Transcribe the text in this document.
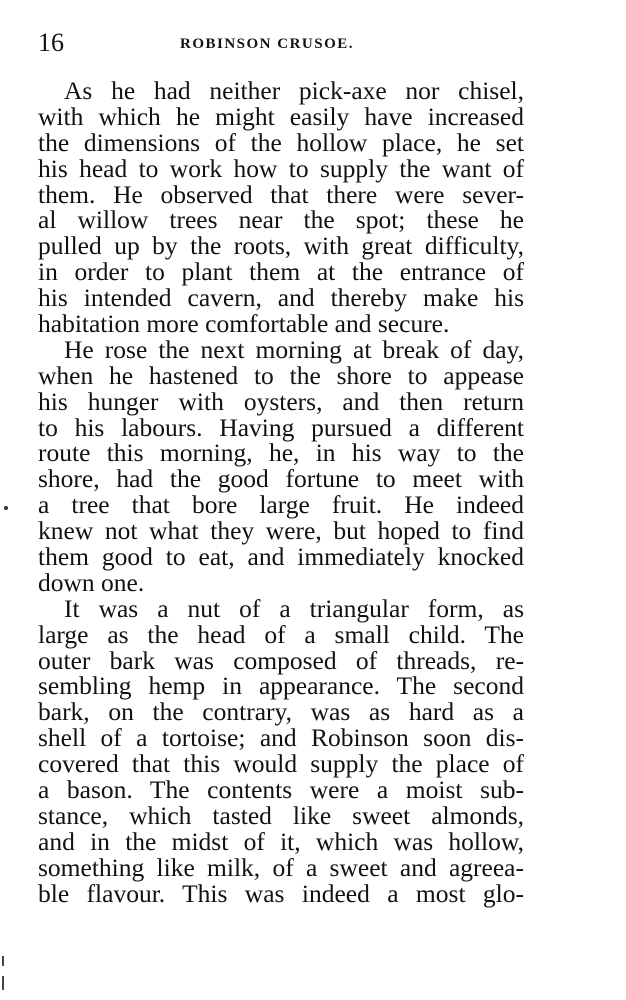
16	ROBINSON CRUSOE.
As he had neither pick-axe nor chisel,
with which he might easily have increased
the dimensions of the hollow place, he set
his head to work how to supply the want of
them. He observed that there were sever-
al willow trees near the spot; these he
pulled up by the roots, with great difficulty,
in order to plant them at the entrance of
his intended cavern, and thereby make his
habitation more comfortable and secure.
He rose the next morning at break of day,
when he hastened to the shore to appease
his hunger with oysters, and then return
to his labours. Having pursued a different
route this morning, he, in his way to the
shore, had the good fortune to meet with
a tree that bore large fruit. He indeed
knew not what they were, but hoped to find
them good to eat, and immediately knocked
down one.
It was a nut of a triangular form, as
large as the head of a small child. The
outer bark was composed of threads, re-
sembling hemp in appearance. The second
bark, on the contrary, was as hard as a
shell of a tortoise; and Robinson soon dis-
covered that this would supply the place of
a bason. The contents were a moist sub-
stance, which tasted like sweet almonds,
and in the midst of it, which was hollow,
something like milk, of a sweet and agreea-
ble flavour. This was indeed a most glo-
